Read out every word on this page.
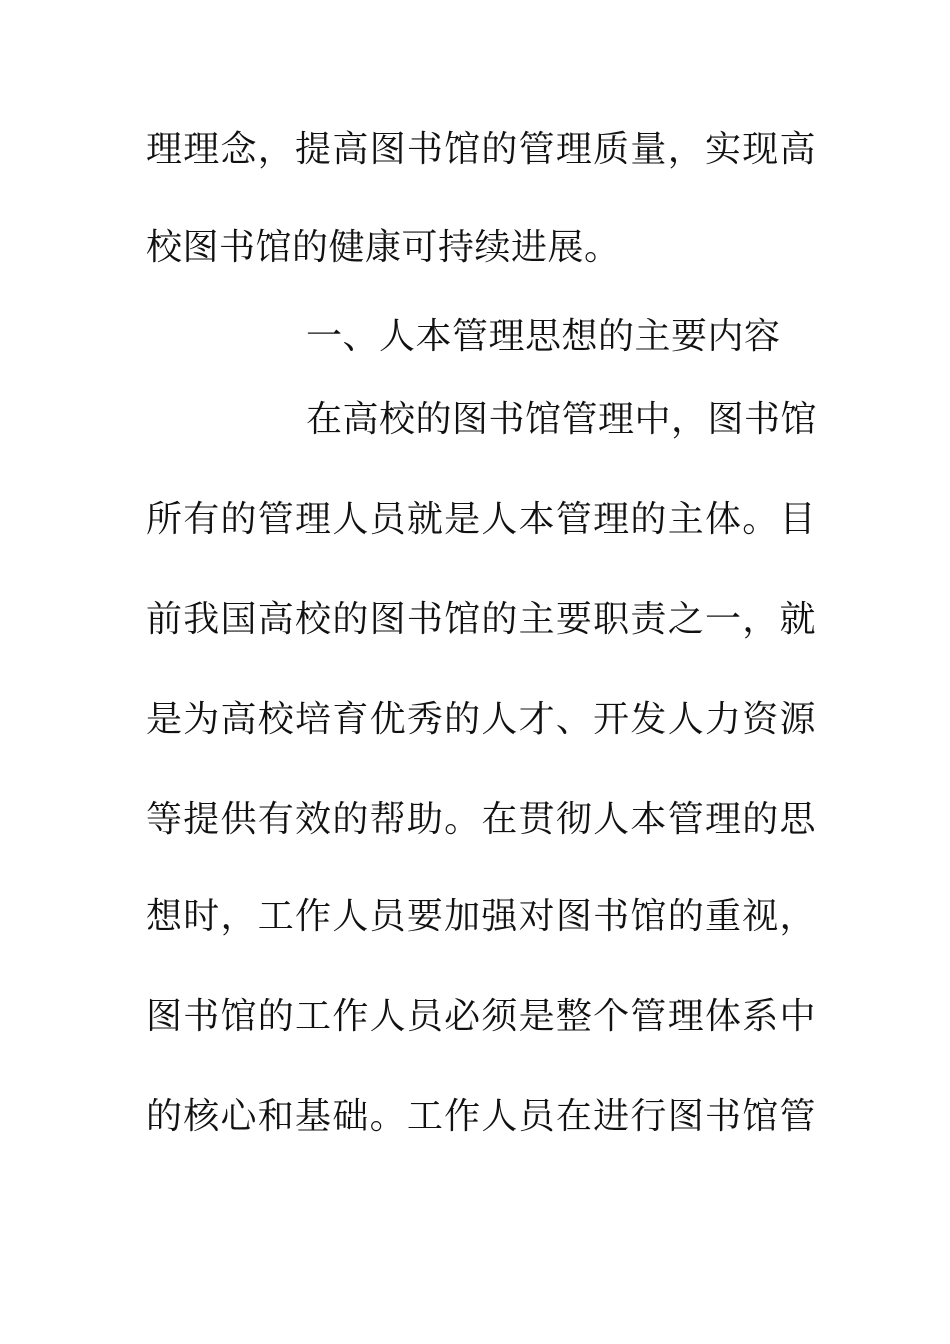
理理念，提高图书馆的管理质量，实现高
校图书馆的健康可持续进展。
一、人本管理思想的主要内容
在高校的图书馆管理中，图书馆
所有的管理人员就是人本管理的主体。目
前我国高校的图书馆的主要职责之一，就
是为高校培育优秀的人才、开发人力资源
等提供有效的帮助。在贯彻人本管理的思
想时，工作人员要加强对图书馆的重视，
图书馆的工作人员必须是整个管理体系中
的核心和基础。工作人员在进行图书馆管
